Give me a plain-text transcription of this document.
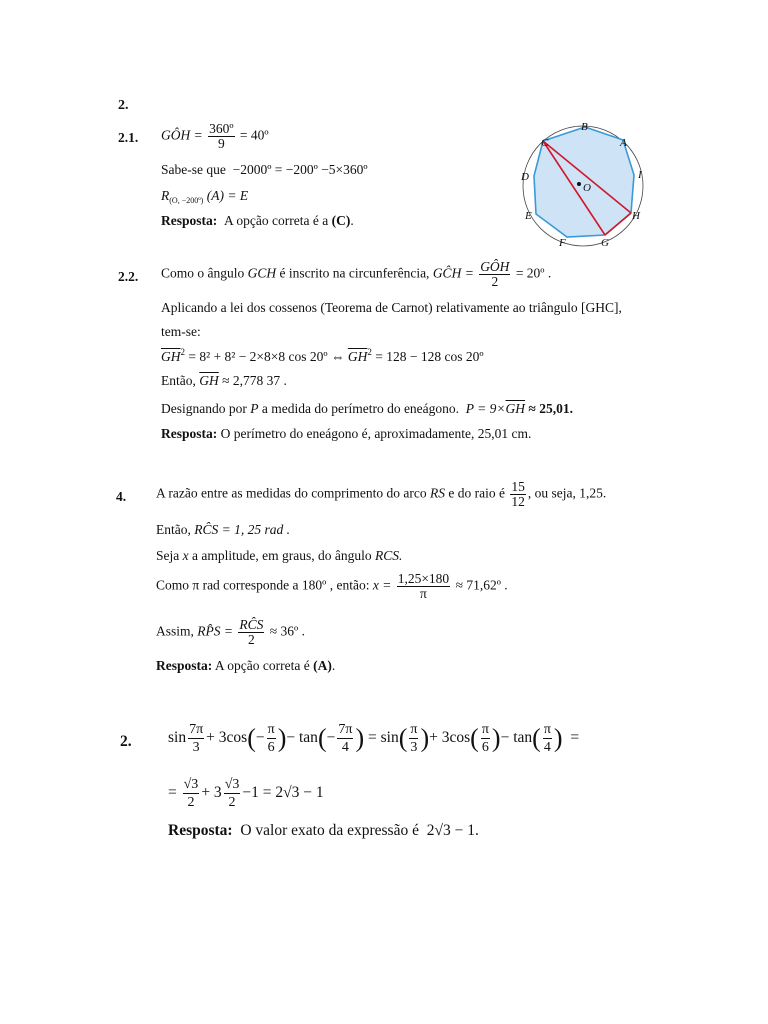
2.
2.1. GÔH = $\frac{\text{360º}}{9}$ = 40º
Sabe-se que −2000º = −200º −5×360º
$R_{(O, -200º)}$ (A) = E
Resposta: A opção correta é a (C).
C
B
A
I
H
G
F
E
D
O
2.2. Como o ângulo GCH é inscrito na circunferência, GĈH = $\frac{\text{GÔH}}{2}$ = 20º .
Aplicando a lei dos cossenos (Teorema de Carnot) relativamente ao triângulo [GHC],
tem-se:
$\overline{GH}^2 = 8^2 + 8^2 - 2\times 8\times 8$ cos 20º ⇔ $\overline{GH}^2 = 128 - 128$ cos 20º
Então, $\overline{GH} \approx 2,778$ 37 .
Designando por P a medida do perímetro do eneágono. $P = 9\times\overline{GH} \approx 25,01$.
Resposta: O perímetro do eneágono é, aproximadamente, 25,01 cm.
4. A razão entre as medidas do comprimento do arco RS e do raio é $\frac{15}{12}$ , ou seja, 1,25.
Então, RĈS = 1, 25 rad .
Seja x a amplitude, em graus, do ângulo RCS.
Como π rad corresponde a 180º , então: $x = \frac{1,25\times 180}{\pi}$ ≈ 71,62º .
Assim, RP̂S = $\frac{\text{RĈS}}{2}$ ≈ 36º .
Resposta: A opção correta é (A).
2. $\sin \frac{7\pi}{3} + 3\cos(- \frac{\pi}{6}$ )− $\tan(- \frac{7\pi}{4}$ ) = $\sin( \frac{\pi}{3}$ )+ $3\cos( \frac{\pi}{6}$ )− $\tan( \frac{\pi}{4}$ ) =
= $\frac{√3}{2} + 3 \frac{√3}{2} -1 = 2√3 - 1$
Resposta: O valor exato da expressão é 2√3 − 1.
